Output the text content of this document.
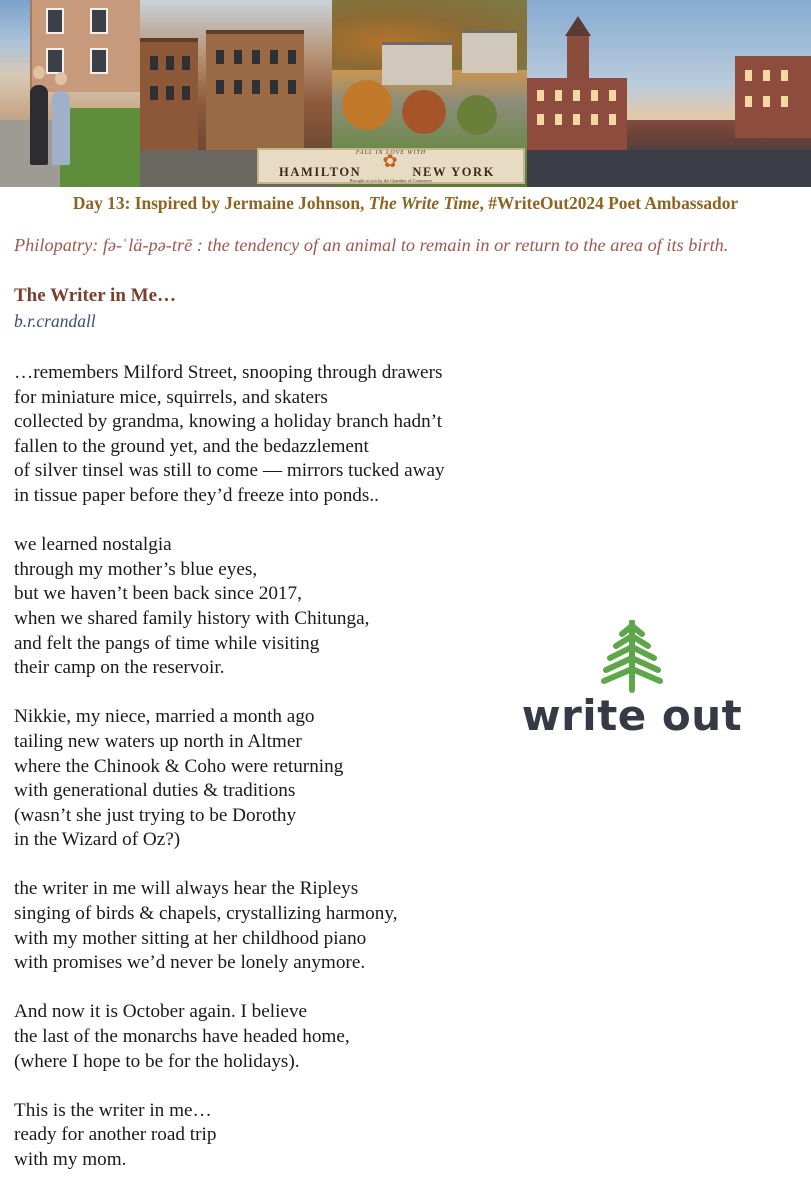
FALL IN LOVE WITH
✿
HAMILTON	NEW YORK
Brought to you by the Chamber of Commerce
Day 13: Inspired by Jermaine Johnson, The Write Time, #WriteOut2024 Poet Ambassador
Philopatry: fə-ˈlä-pə-trē : the tendency of an animal to remain in or return to the area of its birth.
The Writer in Me…
b.r.crandall
…remembers Milford Street, snooping through drawers
for miniature mice, squirrels, and skaters
collected by grandma, knowing a holiday branch hadn’t
fallen to the ground yet, and the bedazzlement
of silver tinsel was still to come — mirrors tucked away
in tissue paper before they’d freeze into ponds..
we learned nostalgia
through my mother’s blue eyes,
but we haven’t been back since 2017,
when we shared family history with Chitunga,
and felt the pangs of time while visiting
their camp on the reservoir.
Nikkie, my niece, married a month ago
tailing new waters up north in Altmer
where the Chinook & Coho were returning
with generational duties & traditions
(wasn’t she just trying to be Dorothy
in the Wizard of Oz?)
the writer in me will always hear the Ripleys
singing of birds & chapels, crystallizing harmony,
with my mother sitting at her childhood piano
with promises we’d never be lonely anymore.
And now it is October again. I believe
the last of the monarchs have headed home,
(where I hope to be for the holidays).
This is the writer in me…
ready for another road trip
with my mom.
write out
